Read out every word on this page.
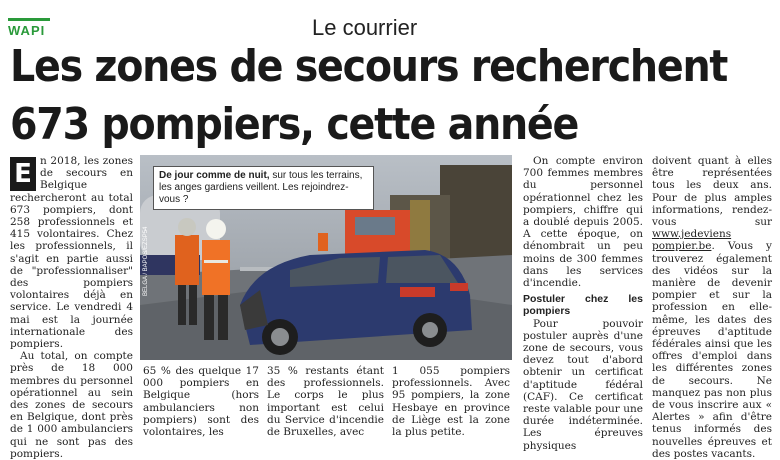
WAPI	Le courrier
Les zones de secours recherchent
673 pompiers, cette année

E n 2018, les zones de secours en Belgique rechercheront au total 673 pompiers, dont 258 professionnels et 415 volontaires. Chez les professionnels, il s'agit en partie aussi de "professionnaliser" des pompiers volontaires déjà en service. Le vendredi 4 mai est la journée internationale des pompiers.

Au total, on compte près de 18 000 membres du personnel opérationnel au sein des zones de secours en Belgique, dont près de 1 000 ambulanciers qui ne sont pas des pompiers.

De jour comme de nuit, sur tous les terrains, les anges gardiens veillent. Les rejoindrez-vous ?
BELGA / BAPOS/EZSP54

65 % des quelque 17 000 pompiers en Belgique (hors ambulanciers non pompiers) sont des volontaires, les

35 % restants étant des professionnels. Le corps le plus important est celui du Service d'incendie de Bruxelles, avec

1 055 pompiers professionnels. Avec 95 pompiers, la zone Hesbaye en province de Liège est la zone la plus petite.

On compte environ 700 femmes membres du personnel opérationnel chez les pompiers, chiffre qui a doublé depuis 2005. A cette époque, on dénombrait un peu moins de 300 femmes dans les services d'incendie.

Postuler chez les pompiers

Pour pouvoir postuler auprès d'une zone de secours, vous devez tout d'abord obtenir un certificat d'aptitude fédéral (CAF). Ce certificat reste valable pour une durée indéterminée. Les épreuves physiques

doivent quant à elles être représentées tous les deux ans. Pour de plus amples informations, rendez-vous sur www.jedeviens​pompier.be. Vous y trouverez également des vidéos sur la manière de devenir pompier et sur la profession en elle-même, les dates des épreuves d'aptitude fédérales ainsi que les offres d'emploi dans les différentes zones de secours. Ne manquez pas non plus de vous inscrire aux « Alertes » afin d'être tenus informés des nouvelles épreuves et des postes vacants.
